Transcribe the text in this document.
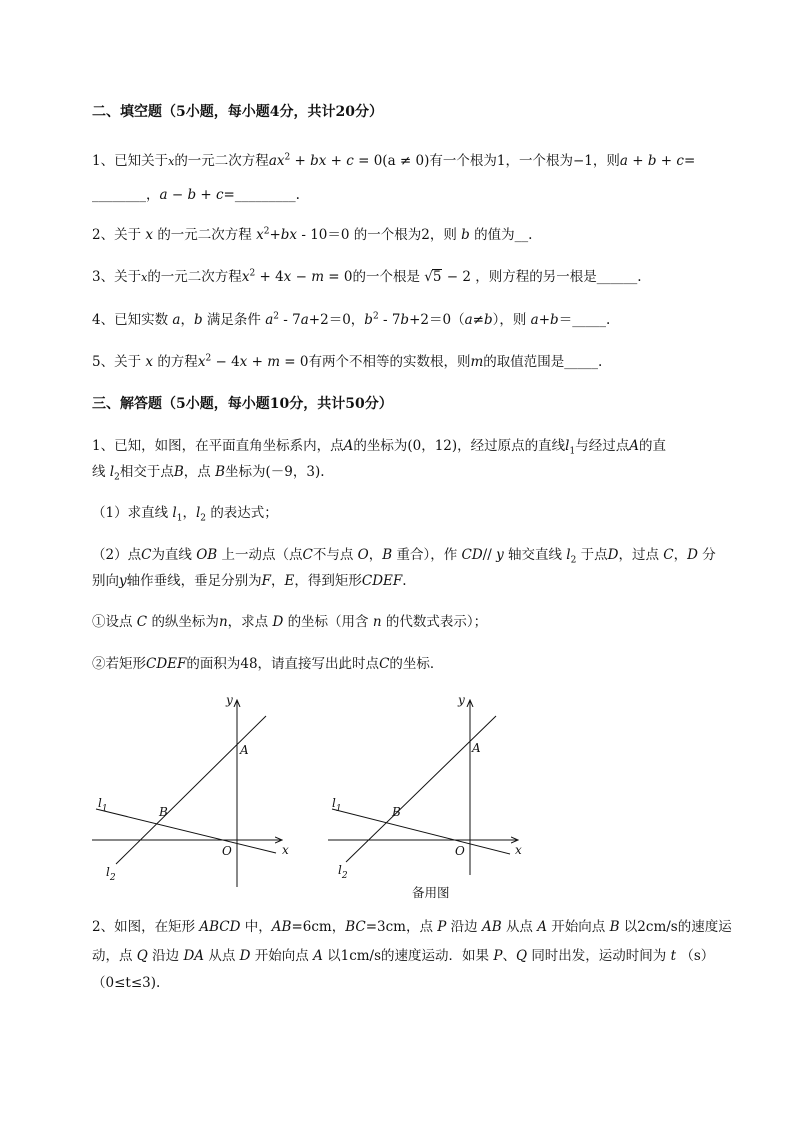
二、填空题（5小题，每小题4分，共计20分）
1、已知关于x的一元二次方程$ax^2$ + bx + c = 0(a ≠ 0)有一个根为1，一个根为−1，则a + b + c=
________，a − b + c=_________.
2、关于 x 的一元二次方程 $x^2+bx - 10=0$ 的一个根为2，则 b 的值为__.
3、关于x的一元二次方程$x^2 + 4x - m = 0$的一个根是 √5 − 2 ，则方程的另一根是______.
4、已知实数 a，b 满足条件 $a^2 - 7a+2=0$，$b^2 - 7b+2=0(a\ne b)$，则 a+b＝_____.
5、关于 x 的方程$x^2 - 4x + m = 0$有两个不相等的实数根，则m的取值范围是_____.
三、解答题（5小题，每小题10分，共计50分）
1、已知，如图，在平面直角坐标系内，点A的坐标为(0，12)，经过原点的直线$l_1$与经过点A的直
线 $l_2$相交于点B，点 B坐标为(－9，3).
（1）求直线 $l_1$，$l_2$ 的表达式；
（2）点C为直线 OB 上一动点（点C不与点 O，B 重合），作 CD// y 轴交直线 $l_2$ 于点D，过点 C，D 分
别向y轴作垂线，垂足分别为F，E，得到矩形CDEF.
①设点 C 的纵坐标为n，求点 D 的坐标（用含 n 的代数式表示）；
②若矩形CDEF的面积为48，请直接写出此时点C的坐标．
y
x
O
A
B
$l_1$
$l_2$
y
x
O
A
B
$l_1$
$l_2$
备用图
2、如图，在矩形 ABCD 中，AB=6cm，BC=3cm，点 P 沿边 AB 从点 A 开始向点 B 以2cm/s的速度运
动，点 Q 沿边 DA 从点 D 开始向点 A 以1cm/s的速度运动．如果 P、Q 同时出发，运动时间为 t （s）
（0≤t≤3).
